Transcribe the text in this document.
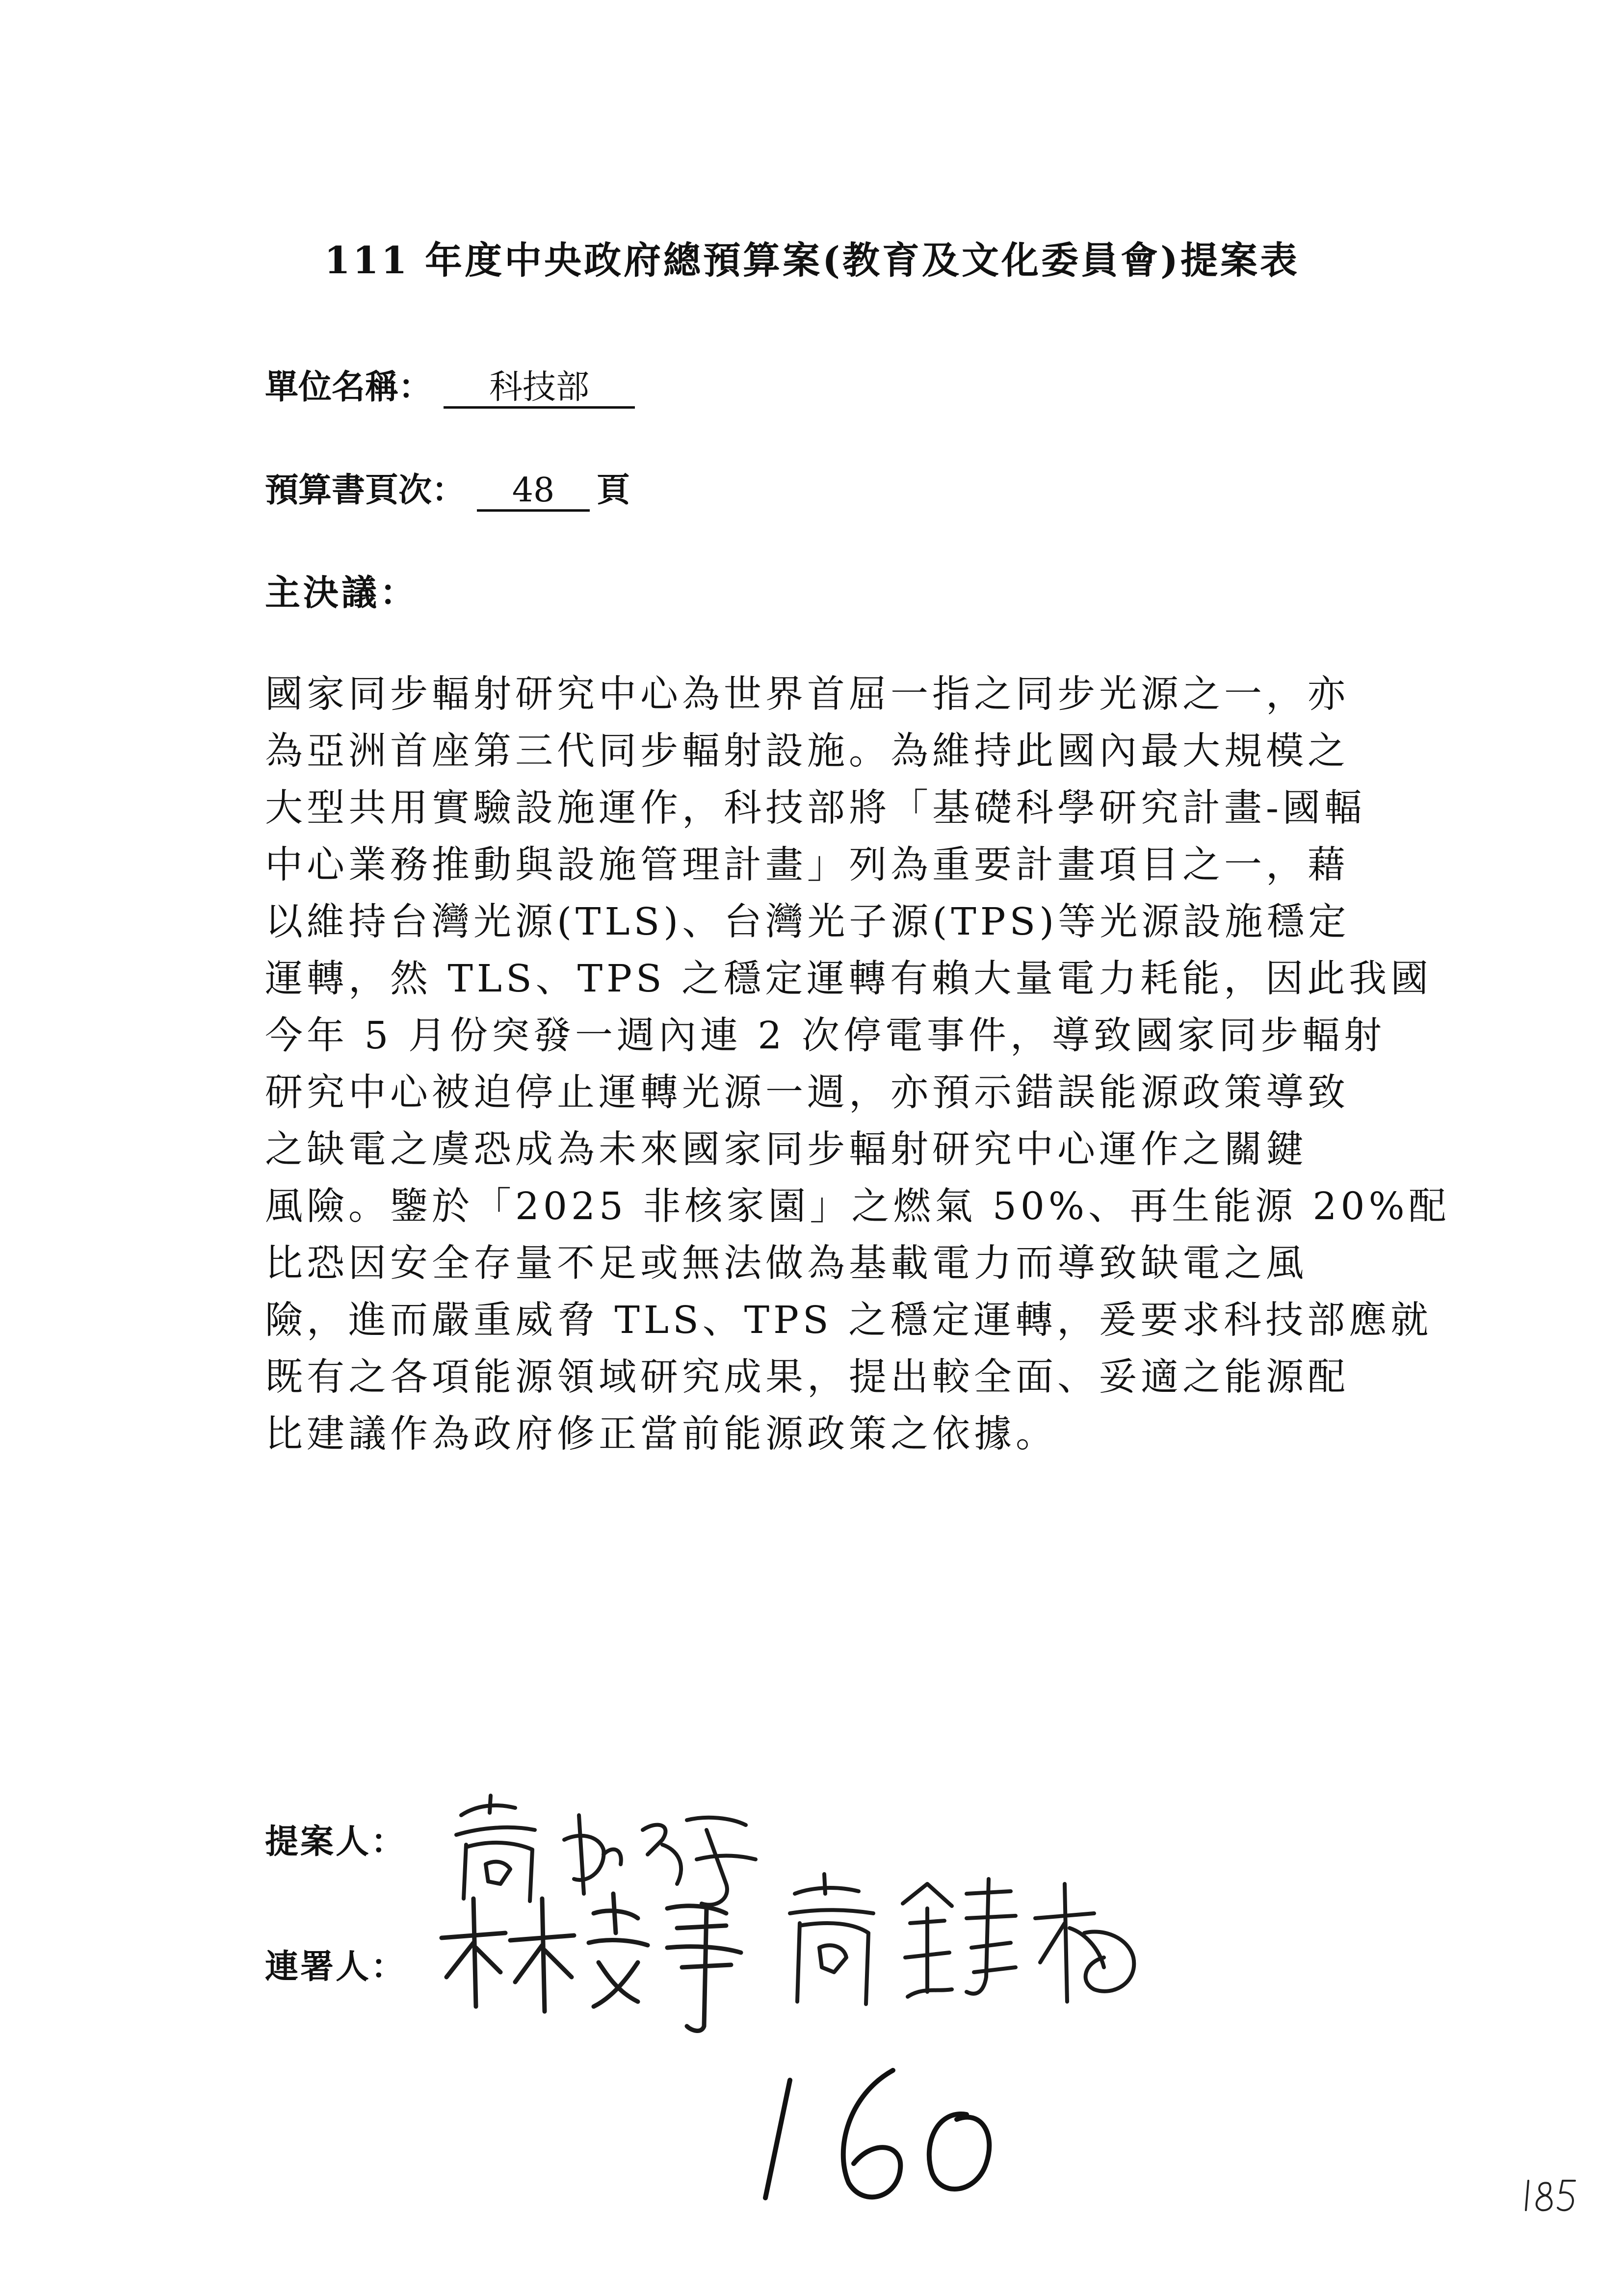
111 年度中央政府總預算案(教育及文化委員會)提案表
單位名稱：	科技部
預算書頁次：	48	頁
主決議：
國家同步輻射研究中心為世界首屈一指之同步光源之一，亦
為亞洲首座第三代同步輻射設施。為維持此國內最大規模之
大型共用實驗設施運作，科技部將「基礎科學研究計畫-國輻
中心業務推動與設施管理計畫」列為重要計畫項目之一，藉
以維持台灣光源(TLS)、台灣光子源(TPS)等光源設施穩定
運轉，然 TLS、TPS 之穩定運轉有賴大量電力耗能，因此我國
今年 5 月份突發一週內連 2 次停電事件，導致國家同步輻射
研究中心被迫停止運轉光源一週，亦預示錯誤能源政策導致
之缺電之虞恐成為未來國家同步輻射研究中心運作之關鍵
風險。鑒於「2025 非核家園」之燃氣 50%、再生能源 20%配
比恐因安全存量不足或無法做為基載電力而導致缺電之風
險，進而嚴重威脅 TLS、TPS 之穩定運轉，爰要求科技部應就
既有之各項能源領域研究成果，提出較全面、妥適之能源配
比建議作為政府修正當前能源政策之依據。
提案人：
連署人：
